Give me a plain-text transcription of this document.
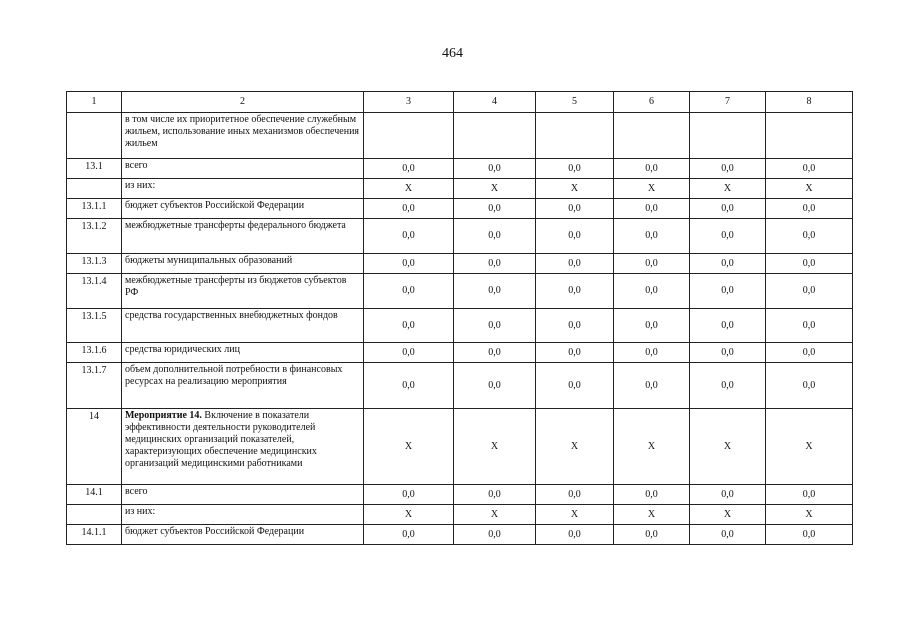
464
1	2	3	4	5	6	7	8
	в том числе их приоритетное обеспечение служебным жильем, использование иных механизмов обеспечения жильем						
13.1	всего	0,0	0,0	0,0	0,0	0,0	0,0
	из них:	X	X	X	X	X	X
13.1.1	бюджет субъектов Российской Федерации	0,0	0,0	0,0	0,0	0,0	0,0
13.1.2	межбюджетные трансферты федерального бюджета	0,0	0,0	0,0	0,0	0,0	0,0
13.1.3	бюджеты муниципальных образований	0,0	0,0	0,0	0,0	0,0	0,0
13.1.4	межбюджетные трансферты из бюджетов субъектов РФ	0,0	0,0	0,0	0,0	0,0	0,0
13.1.5	средства государственных внебюджетных фондов	0,0	0,0	0,0	0,0	0,0	0,0
13.1.6	средства юридических лиц	0,0	0,0	0,0	0,0	0,0	0,0
13.1.7	объем дополнительной потребности в финансовых ресурсах на реализацию мероприятия	0,0	0,0	0,0	0,0	0,0	0,0
14	Мероприятие 14. Включение в показатели эффективности деятельности руководителей медицинских организаций показателей, характеризующих обеспечение медицинских организаций медицинскими работниками	X	X	X	X	X	X
14.1	всего	0,0	0,0	0,0	0,0	0,0	0,0
	из них:	X	X	X	X	X	X
14.1.1	бюджет субъектов Российской Федерации	0,0	0,0	0,0	0,0	0,0	0,0
